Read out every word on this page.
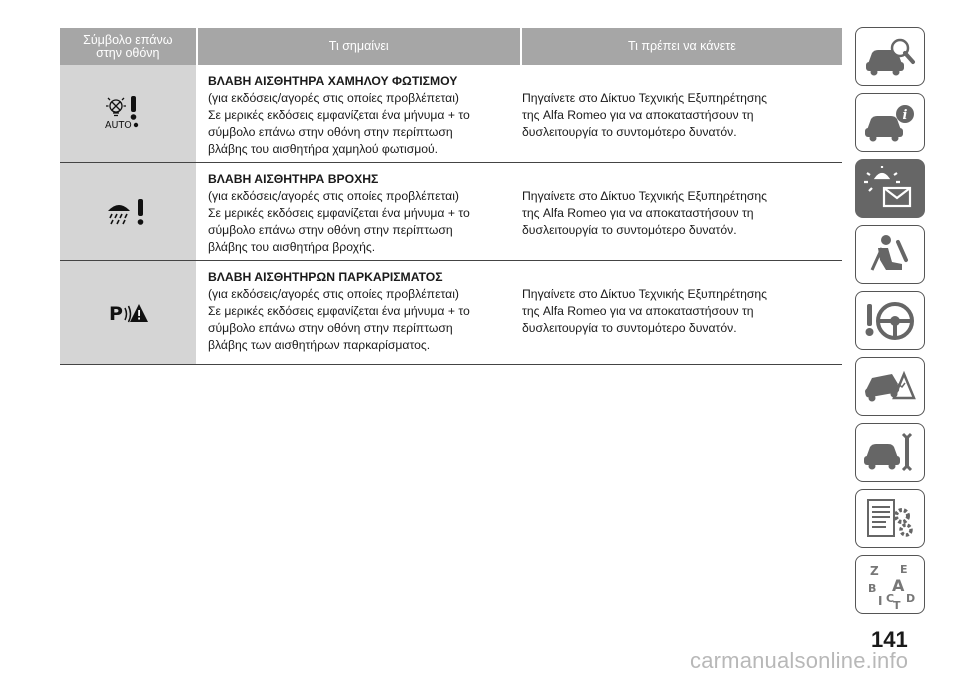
Σύμβολο επάνω
στην οθόνη	Τι σημαίνει	Τι πρέπει να κάνετε
AUTO
ΒΛΑΒΗ ΑΙΣΘΗΤΗΡΑ ΧΑΜΗΛΟΥ ΦΩΤΙΣΜΟΥ
(για εκδόσεις/αγορές στις οποίες προβλέπεται)
Σε μερικές εκδόσεις εμφανίζεται ένα μήνυμα + το
σύμβολο επάνω στην οθόνη στην περίπτωση
βλάβης του αισθητήρα χαμηλού φωτισμού.
Πηγαίνετε στο Δίκτυο Τεχνικής Εξυπηρέτησης
της Alfa Romeo για να αποκαταστήσουν τη
δυσλειτουργία το συντομότερο δυνατόν.
ΒΛΑΒΗ ΑΙΣΘΗΤΗΡΑ ΒΡΟΧΗΣ
(για εκδόσεις/αγορές στις οποίες προβλέπεται)
Σε μερικές εκδόσεις εμφανίζεται ένα μήνυμα + το
σύμβολο επάνω στην οθόνη στην περίπτωση
βλάβης του αισθητήρα βροχής.
Πηγαίνετε στο Δίκτυο Τεχνικής Εξυπηρέτησης
της Alfa Romeo για να αποκαταστήσουν τη
δυσλειτουργία το συντομότερο δυνατόν.
P
ΒΛΑΒΗ ΑΙΣΘΗΤΗΡΩΝ ΠΑΡΚΑΡΙΣΜΑΤΟΣ
(για εκδόσεις/αγορές στις οποίες προβλέπεται)
Σε μερικές εκδόσεις εμφανίζεται ένα μήνυμα + το
σύμβολο επάνω στην οθόνη στην περίπτωση
βλάβης των αισθητήρων παρκαρίσματος.
Πηγαίνετε στο Δίκτυο Τεχνικής Εξυπηρέτησης
της Alfa Romeo για να αποκαταστήσουν τη
δυσλειτουργία το συντομότερο δυνατόν.
i
Z E
B A
I C
T
D
141
carmanualsonline.info
